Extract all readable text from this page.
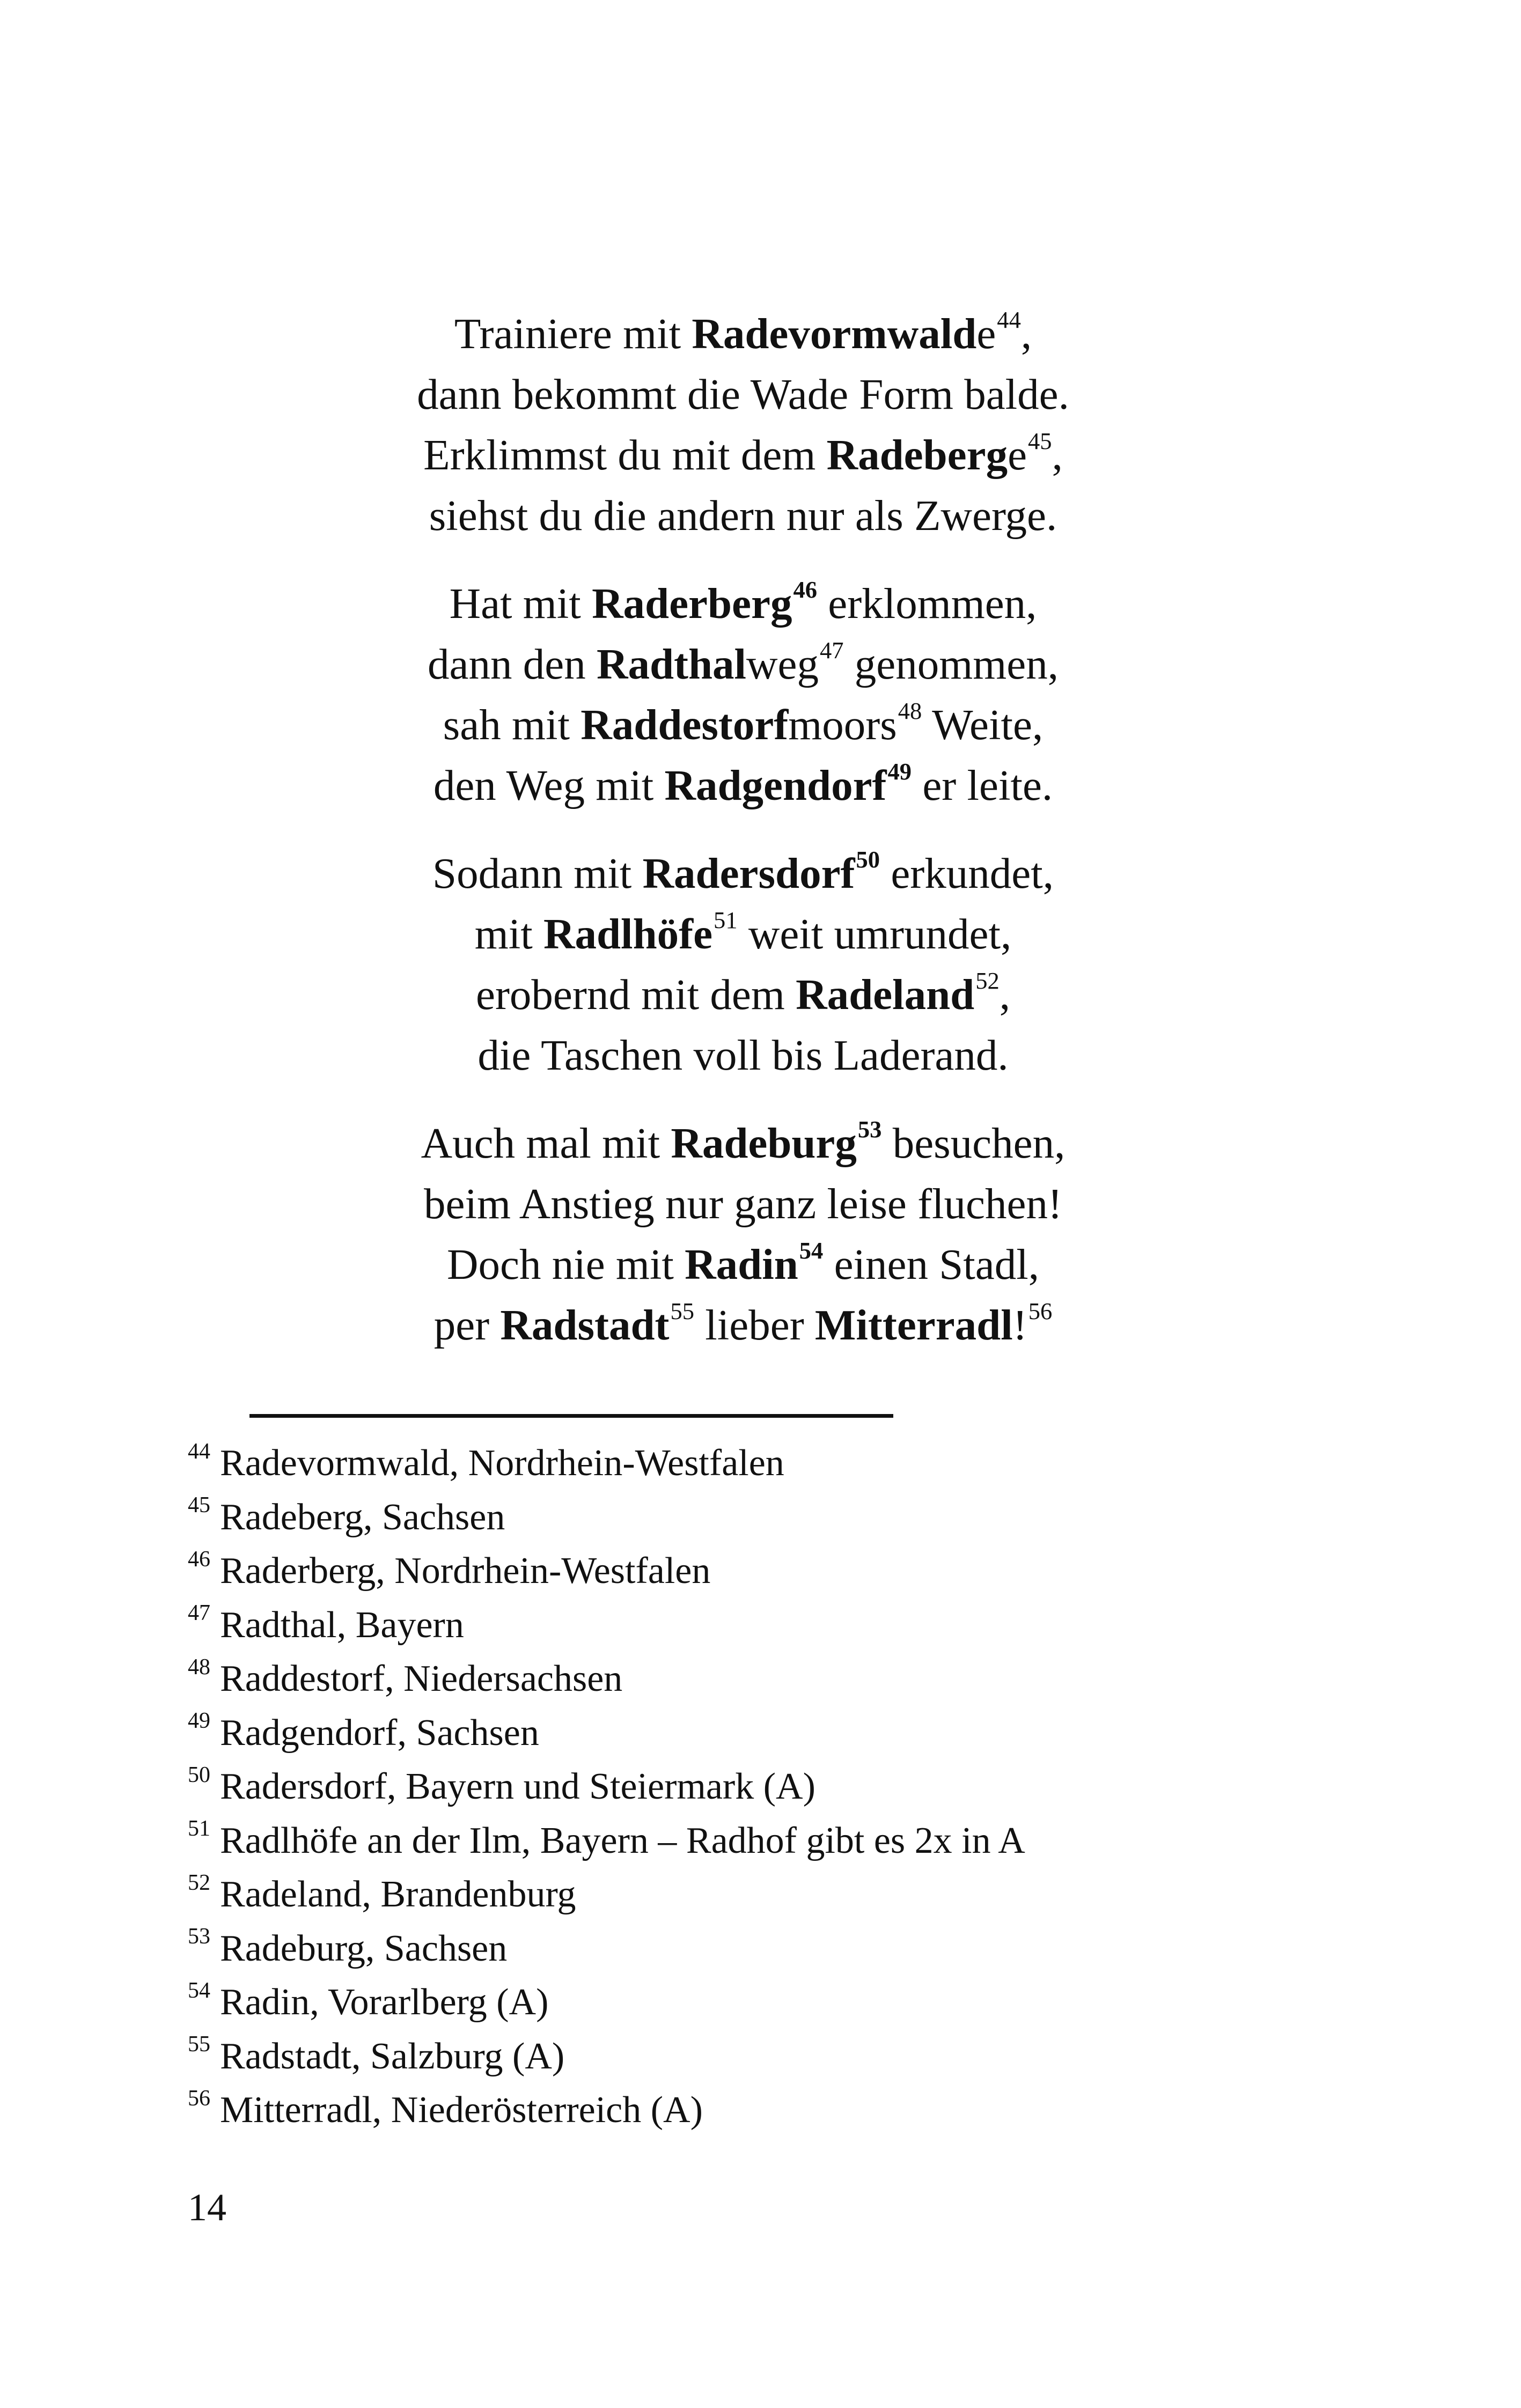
Trainiere mit Radevormwalde$^{44}$,
dann bekommt die Wade Form balde.
Erklimmst du mit dem Radeberge$^{45}$,
siehst du die andern nur als Zwerge.
Hat mit Raderberg$^{46}$ erklommen,
dann den Radthalweg$^{47}$ genommen,
sah mit Raddestorfmoors$^{48}$ Weite,
den Weg mit Radgendorf$^{49}$ er leite.
Sodann mit Radersdorf$^{50}$ erkundet,
mit Radlhöfe$^{51}$ weit umrundet,
erobernd mit dem Radeland$^{52}$,
die Taschen voll bis Laderand.
Auch mal mit Radeburg$^{53}$ besuchen,
beim Anstieg nur ganz leise fluchen!
Doch nie mit Radin$^{54}$ einen Stadl,
per Radstadt$^{55}$ lieber Mitterradl!$^{56}$
$^{44}$ Radevormwald, Nordrhein-Westfalen
$^{45}$ Radeberg, Sachsen
$^{46}$ Raderberg, Nordrhein-Westfalen
$^{47}$ Radthal, Bayern
$^{48}$ Raddestorf, Niedersachsen
$^{49}$ Radgendorf, Sachsen
$^{50}$ Radersdorf, Bayern und Steiermark (A)
$^{51}$ Radlhöfe an der Ilm, Bayern – Radhof gibt es 2x in A
$^{52}$ Radeland, Brandenburg
$^{53}$ Radeburg, Sachsen
$^{54}$ Radin, Vorarlberg (A)
$^{55}$ Radstadt, Salzburg (A)
$^{56}$ Mitterradl, Niederösterreich (A)
14
